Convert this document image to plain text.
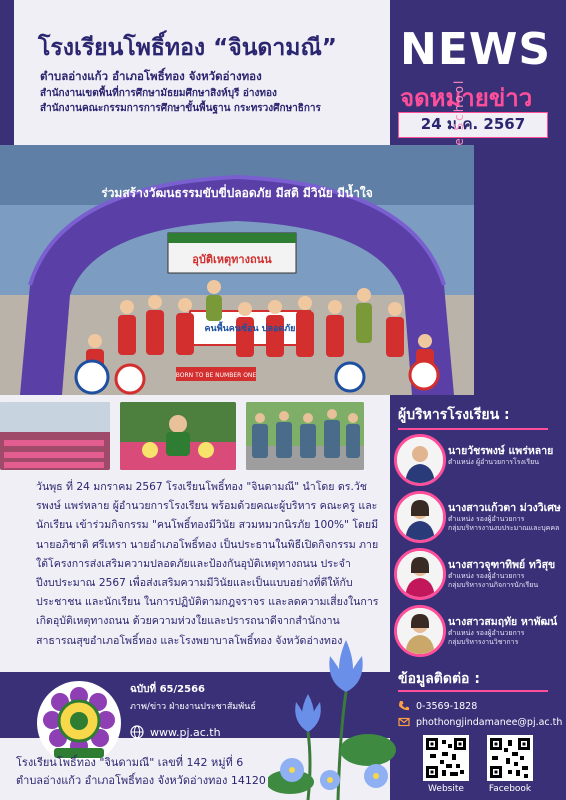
โรงเรียนโพธิ์ทอง “จินดามณี”
ตำบลอ่างแก้ว อำเภอโพธิ์ทอง จังหวัดอ่างทอง
สำนักงานเขตพื้นที่การศึกษามัธยมศึกษาสิงห์บุรี อ่างทอง
สำนักงานคณะกรรมการการศึกษาขั้นพื้นฐาน กระทรวงศึกษาธิการ
NEWS
จดหมายข่าว
24 ม.ค. 2567
ร่วมสร้างวัฒนธรรมขับขี่ปลอดภัย มีสติ มีวินัย มีน้ำใจ
อุบัติเหตุทางถนน
คนพื้นคนซ้อน ปลอดภัย
BORN TO BE NUMBER ONE
วันพุธ ที่ 24 มกราคม 2567 โรงเรียนโพธิ์ทอง "จินดามณี" นำโดย ดร.วัชรพงษ์ แพร่หลาย ผู้อำนวยการโรงเรียน พร้อมด้วยคณะผู้บริหาร คณะครู และนักเรียน เข้าร่วมกิจกรรม "คนโพธิ์ทองมีวินัย สวมหมวกนิรภัย 100%" โดยมีนายอภิชาติ ศรีเหรา นายอำเภอโพธิ์ทอง เป็นประธานในพิธีเปิดกิจกรรม ภายใต้โครงการส่งเสริมความปลอดภัยและป้องกันอุบัติเหตุทางถนน ประจำปีงบประมาณ 2567 เพื่อส่งเสริมความมีวินัยและเป็นแบบอย่างที่ดีให้กับประชาชน และนักเรียน ในการปฏิบัติตามกฎจราจร และลดความเสี่ยงในการเกิดอุบัติเหตุทางถนน ด้วยความห่วงใยและปรารถนาดีจากสำนักงานสาธารณสุขอำเภอโพธิ์ทอง และโรงพยาบาลโพธิ์ทอง จังหวัดอ่างทอง
ฉบับที่ 65/2566
ภาพ/ข่าว ฝ่ายงานประชาสัมพันธ์
www.pj.ac.th
โรงเรียนโพธิ์ทอง "จินดามณี" เลขที่ 142 หมู่ที่ 6
ตำบลอ่างแก้ว อำเภอโพธิ์ทอง จังหวัดอ่างทอง 14120
ผู้บริหารโรงเรียน :
นายวัชรพงษ์ แพร่หลาย
ตำแหน่ง ผู้อำนวยการโรงเรียน
นางสาวแก้วตา ม่วงวิเศษ
ตำแหน่ง รองผู้อำนวยการ
กลุ่มบริหารงานงบประมาณและบุคคล
นางสาวจุฑาทิพย์ ทวิสุข
ตำแหน่ง รองผู้อำนวยการ
กลุ่มบริหารงานกิจการนักเรียน
นางสาวสมฤทัย หาพัฒน์
ตำแหน่ง รองผู้อำนวยการ
กลุ่มบริหารงานวิชาการ
ข้อมูลติดต่อ :
0-3569-1828
phothongjindamanee@pj.ac.th
Website	Facebook
